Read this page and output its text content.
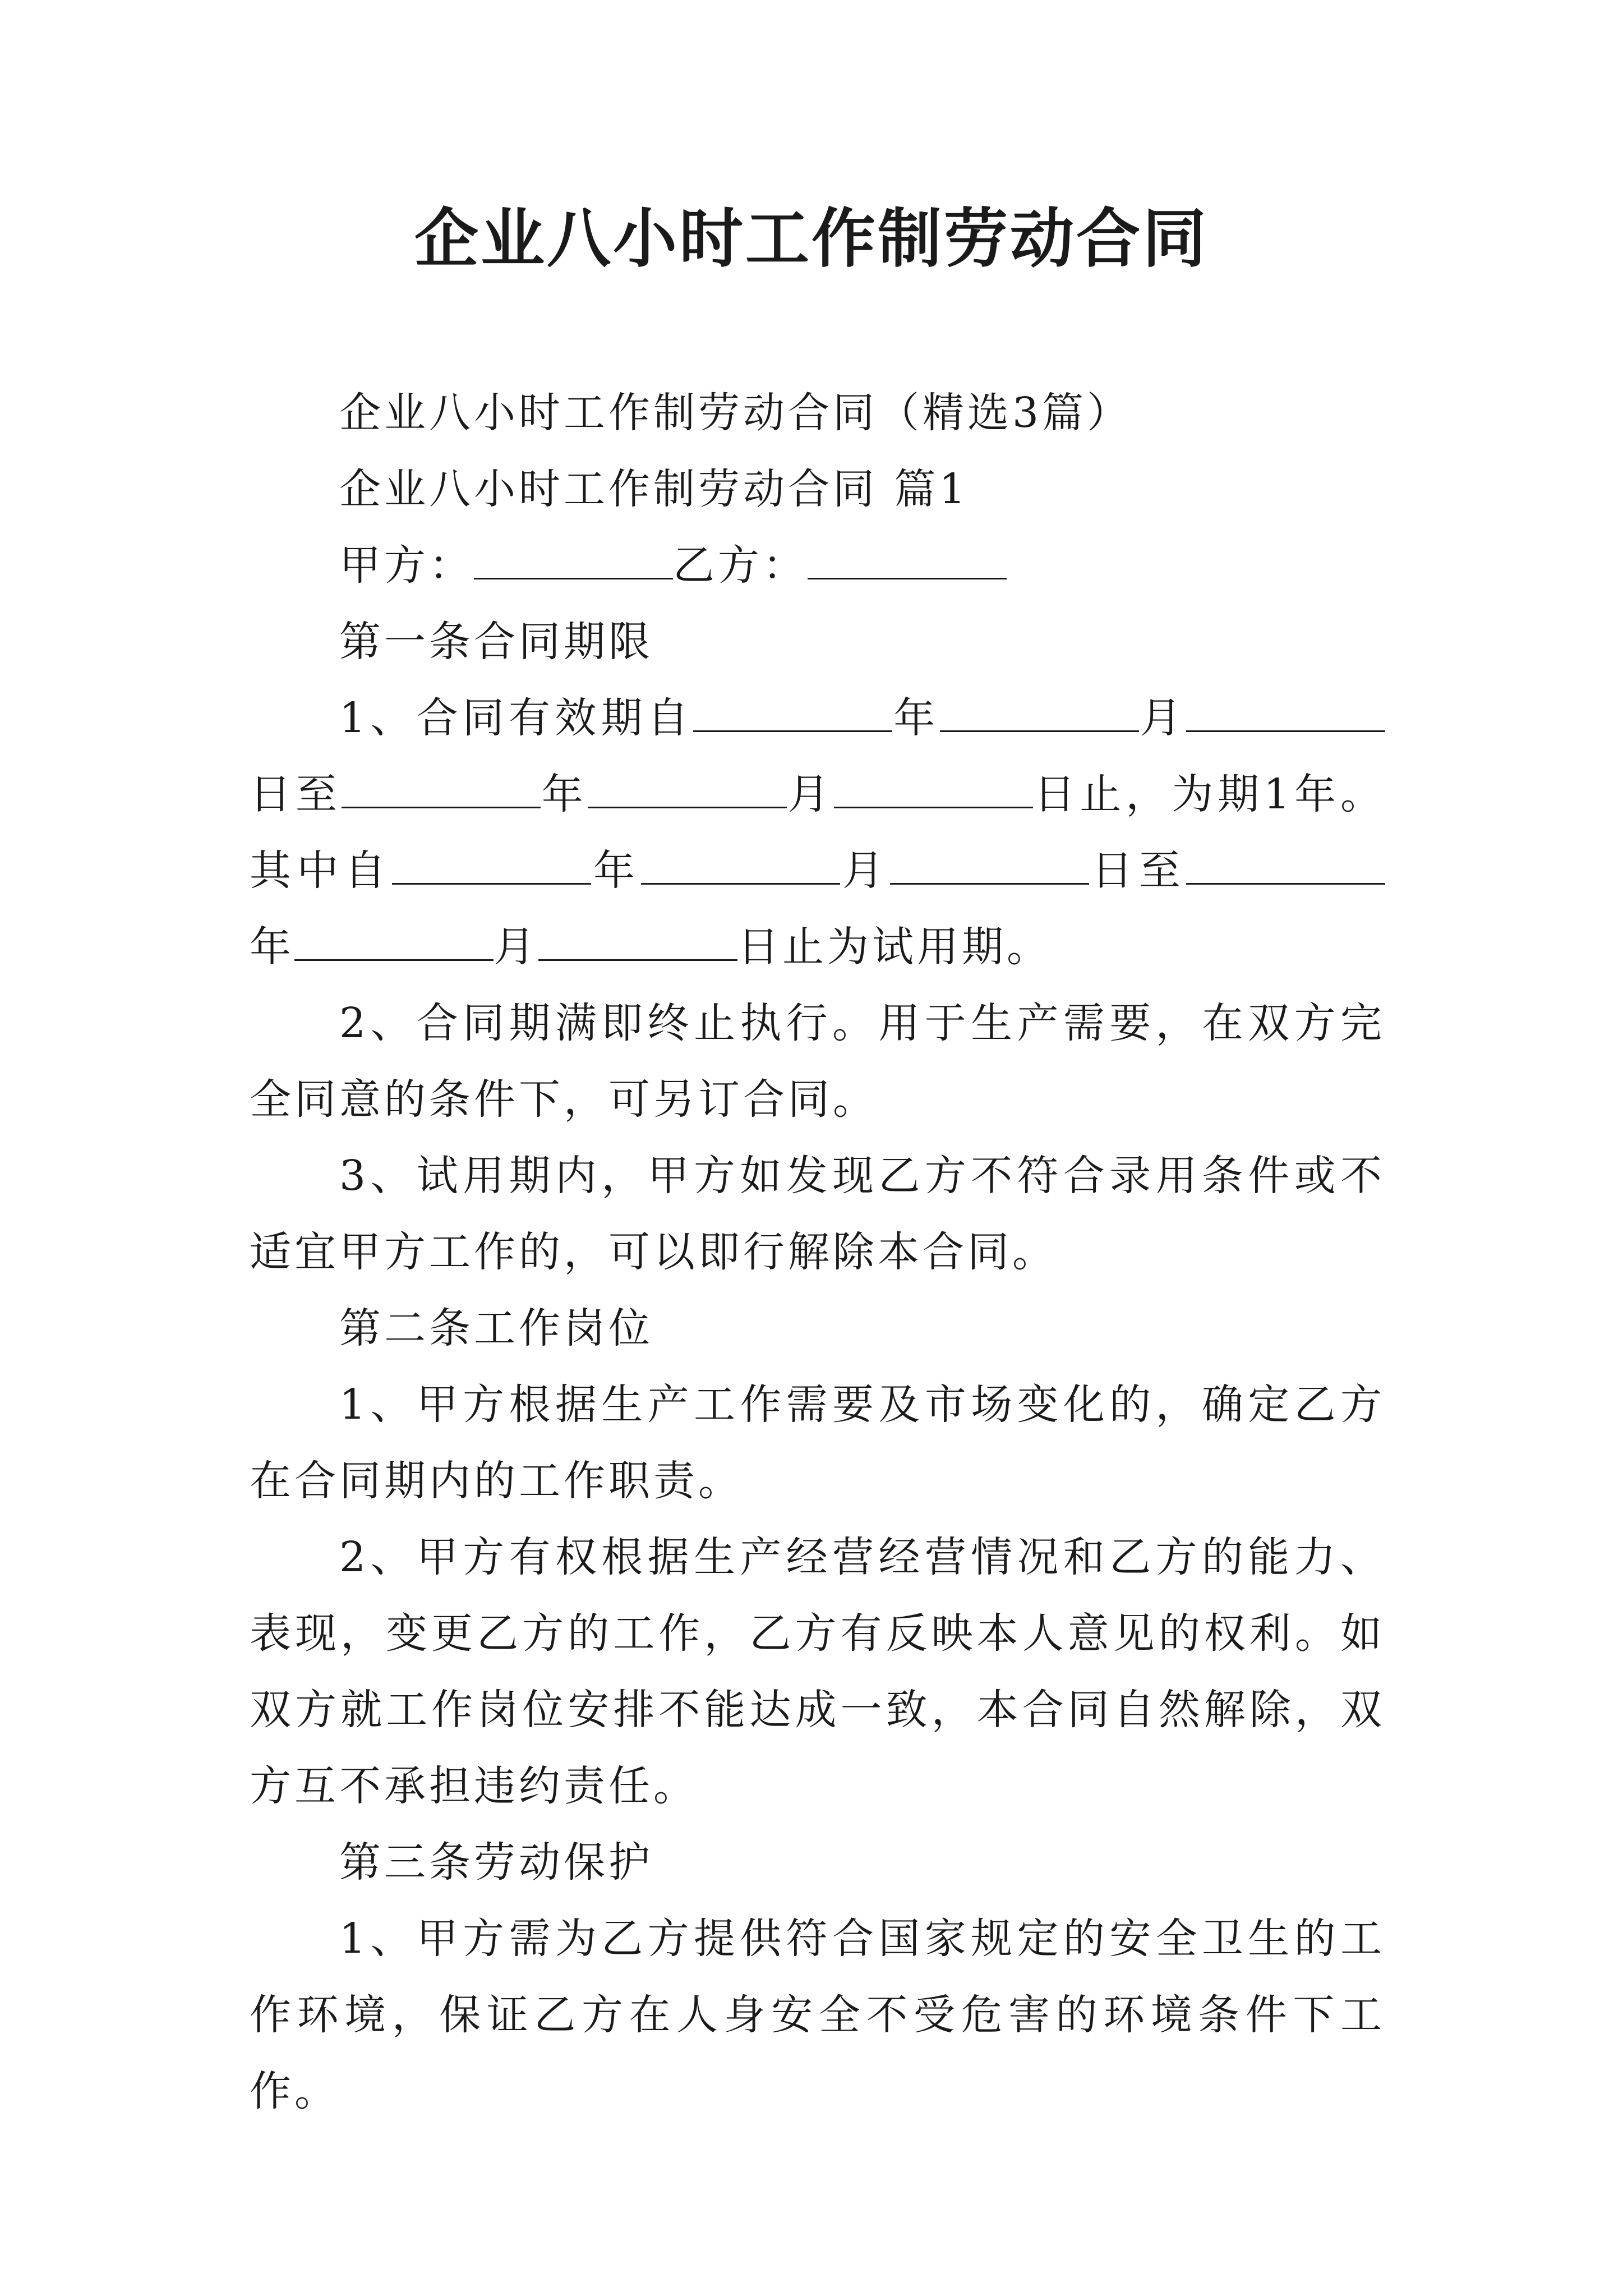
企业八小时工作制劳动合同

企业八小时工作制劳动合同（精选3篇）

企业八小时工作制劳动合同 篇1

甲方：	乙方：

第一条合同期限

1、合同有效期自	年	月日至	年	月	日止，为期1年。其中自	年	月	日至年	月	日止为试用期。

2、合同期满即终止执行。用于生产需要，在双方完全同意的条件下，可另订合同。

3、试用期内，甲方如发现乙方不符合录用条件或不适宜甲方工作的，可以即行解除本合同。

第二条工作岗位

1、甲方根据生产工作需要及市场变化的，确定乙方在合同期内的工作职责。

2、甲方有权根据生产经营经营情况和乙方的能力、表现，变更乙方的工作，乙方有反映本人意见的权利。如双方就工作岗位安排不能达成一致，本合同自然解除，双方互不承担违约责任。

第三条劳动保护

1、甲方需为乙方提供符合国家规定的安全卫生的工作环境，保证乙方在人身安全不受危害的环境条件下工作。
